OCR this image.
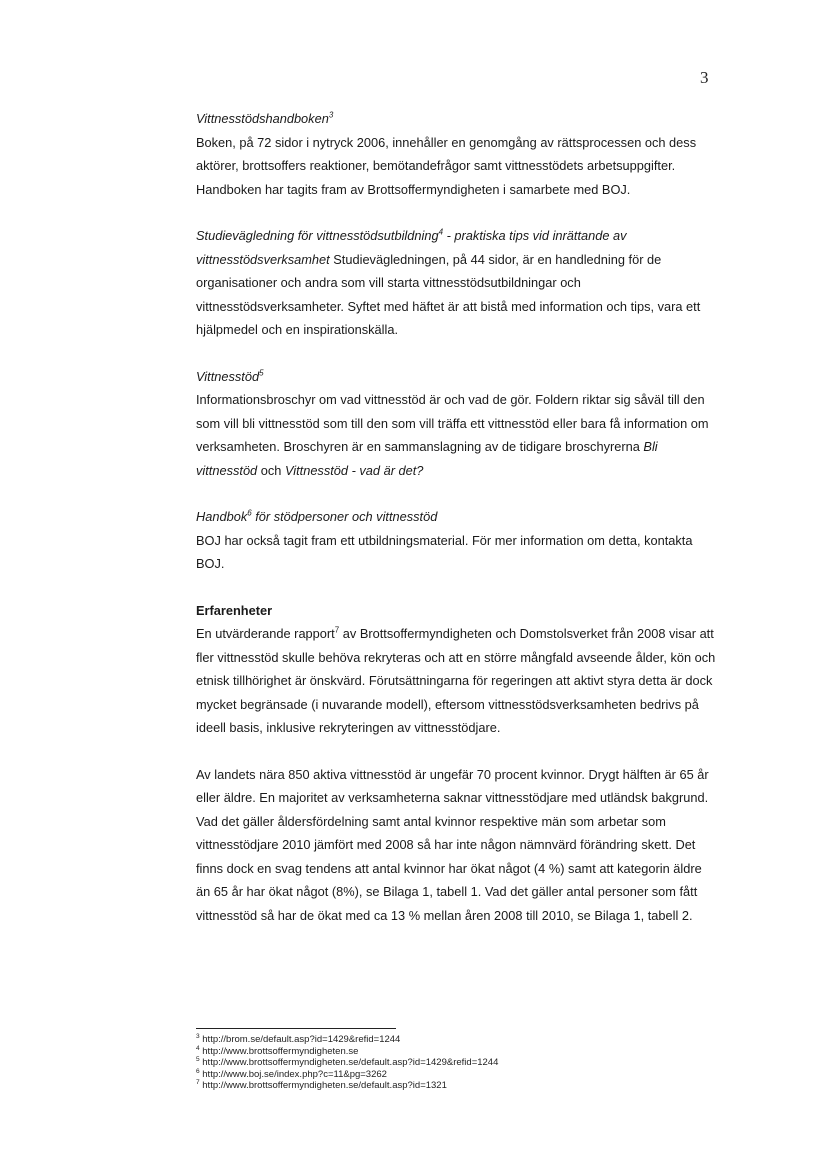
3

Vittnesstödshandboken$^3$

Boken, på 72 sidor i nytryck 2006, innehåller en genomgång av rättsprocessen och dess aktörer, brottsoffers reaktioner, bemötandefrågor samt vittnesstödets arbetsuppgifter. Handboken har tagits fram av Brottsoffermyndigheten i samarbete med BOJ.

Studievägledning för vittnesstödsutbildning$^4$ - praktiska tips vid inrättande av vittnesstödsverksamhet Studievägledningen, på 44 sidor, är en handledning för de organisationer och andra som vill starta vittnesstödsutbildningar och vittnesstödsverksamheter. Syftet med häftet är att bistå med information och tips, vara ett hjälpmedel och en inspirationskälla.

Vittnesstöd$^5$

Informationsbroschyr om vad vittnesstöd är och vad de gör. Foldern riktar sig såväl till den som vill bli vittnesstöd som till den som vill träffa ett vittnesstöd eller bara få information om verksamheten. Broschyren är en sammanslagning av de tidigare broschyrerna Bli vittnesstöd och Vittnesstöd - vad är det?

Handbok$^6$ för stödpersoner och vittnesstöd

BOJ har också tagit fram ett utbildningsmaterial. För mer information om detta, kontakta BOJ.

Erfarenheter

En utvärderande rapport$^7$ av Brottsoffermyndigheten och Domstolsverket från 2008 visar att fler vittnesstöd skulle behöva rekryteras och att en större mångfald avseende ålder, kön och etnisk tillhörighet är önskvärd. Förutsättningarna för regeringen att aktivt styra detta är dock mycket begränsade (i nuvarande modell), eftersom vittnesstödsverksamheten bedrivs på ideell basis, inklusive rekryteringen av vittnesstödjare.

Av landets nära 850 aktiva vittnesstöd är ungefär 70 procent kvinnor. Drygt hälften är 65 år eller äldre. En majoritet av verksamheterna saknar vittnesstödjare med utländsk bakgrund. Vad det gäller åldersfördelning samt antal kvinnor respektive män som arbetar som vittnesstödjare 2010 jämfört med 2008 så har inte någon nämnvärd förändring skett. Det finns dock en svag tendens att antal kvinnor har ökat något (4 %) samt att kategorin äldre än 65 år har ökat något (8%), se Bilaga 1, tabell 1. Vad det gäller antal personer som fått vittnesstöd så har de ökat med ca 13 % mellan åren 2008 till 2010, se Bilaga 1, tabell 2.

$^3$ http://brom.se/default.asp?id=1429&refid=1244
$^4$ http://www.brottsoffermyndigheten.se
$^5$ http://www.brottsoffermyndigheten.se/default.asp?id=1429&refid=1244
$^6$ http://www.boj.se/index.php?c=11&pg=3262
$^7$ http://www.brottsoffermyndigheten.se/default.asp?id=1321
